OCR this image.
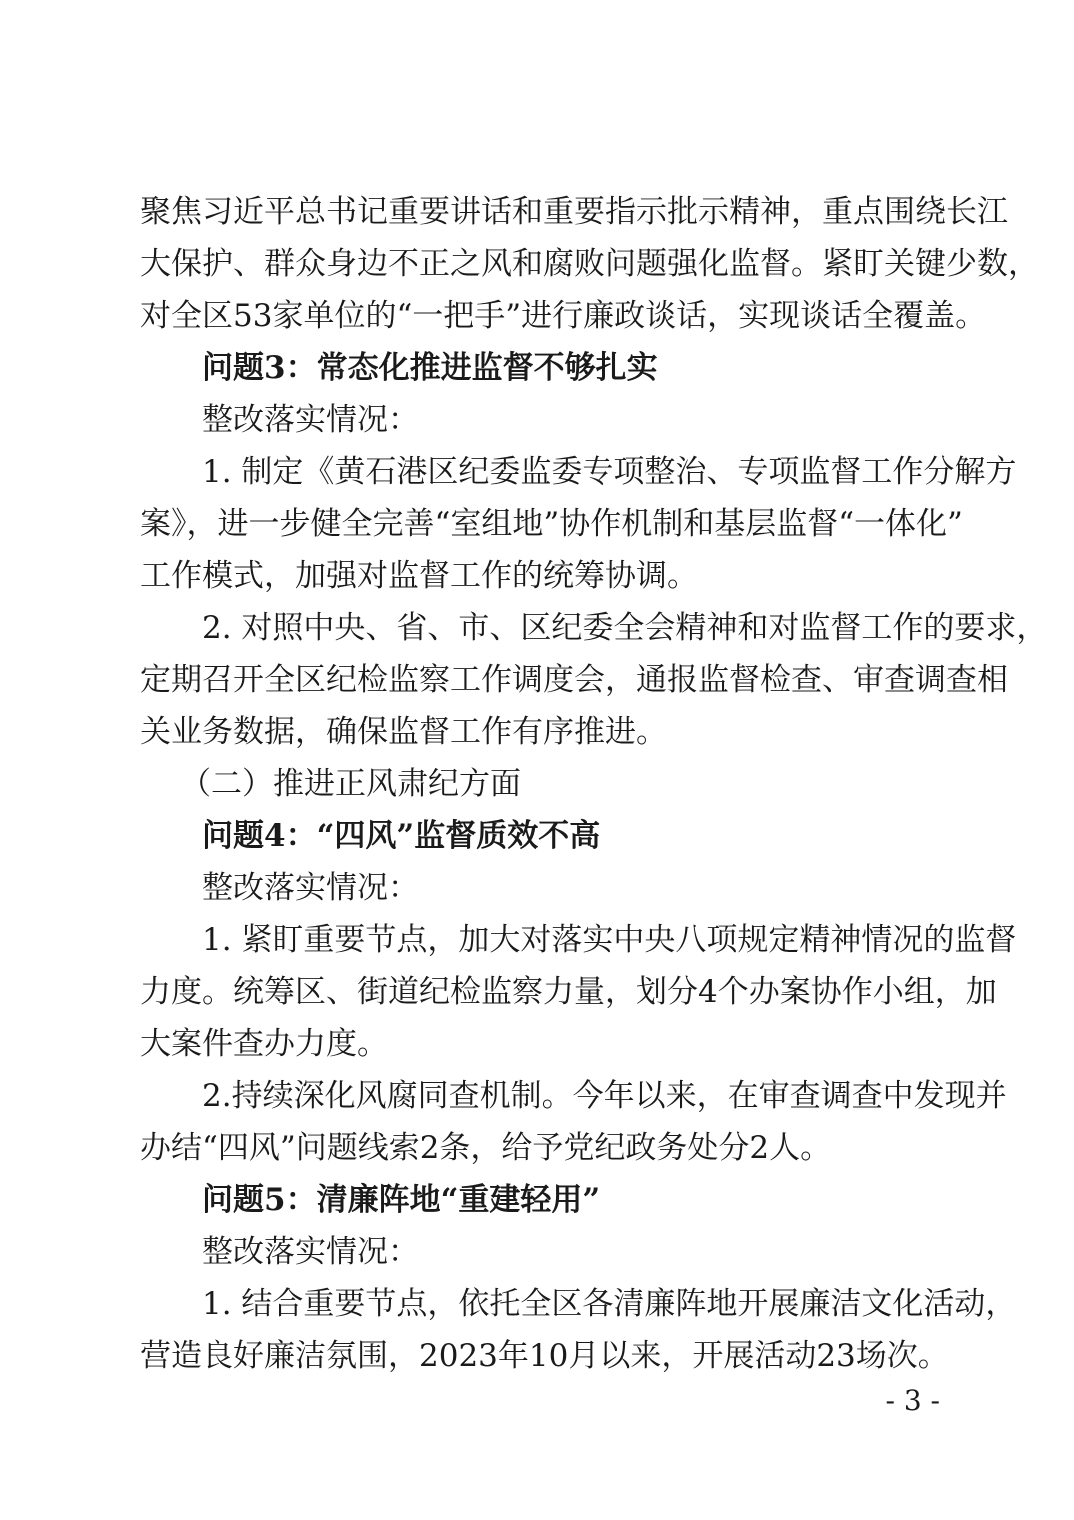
聚焦习近平总书记重要讲话和重要指示批示精神，重点围绕长江
大保护、群众身边不正之风和腐败问题强化监督。紧盯关键少数，
对全区53家单位的“一把手”进行廉政谈话，实现谈话全覆盖。
问题3：常态化推进监督不够扎实
整改落实情况：
1. 制定《黄石港区纪委监委专项整治、专项监督工作分解方
案》，进一步健全完善“室组地”协作机制和基层监督“一体化”
工作模式，加强对监督工作的统筹协调。
2. 对照中央、省、市、区纪委全会精神和对监督工作的要求，
定期召开全区纪检监察工作调度会，通报监督检查、审查调查相
关业务数据，确保监督工作有序推进。
（二）推进正风肃纪方面
问题4：“四风”监督质效不高
整改落实情况：
1. 紧盯重要节点，加大对落实中央八项规定精神情况的监督
力度。统筹区、街道纪检监察力量，划分4个办案协作小组，加
大案件查办力度。
2.持续深化风腐同查机制。今年以来，在审查调查中发现并
办结“四风”问题线索2条，给予党纪政务处分2人。
问题5：清廉阵地“重建轻用”
整改落实情况：
1. 结合重要节点，依托全区各清廉阵地开展廉洁文化活动，
营造良好廉洁氛围，2023年10月以来，开展活动23场次。
- 3 -
